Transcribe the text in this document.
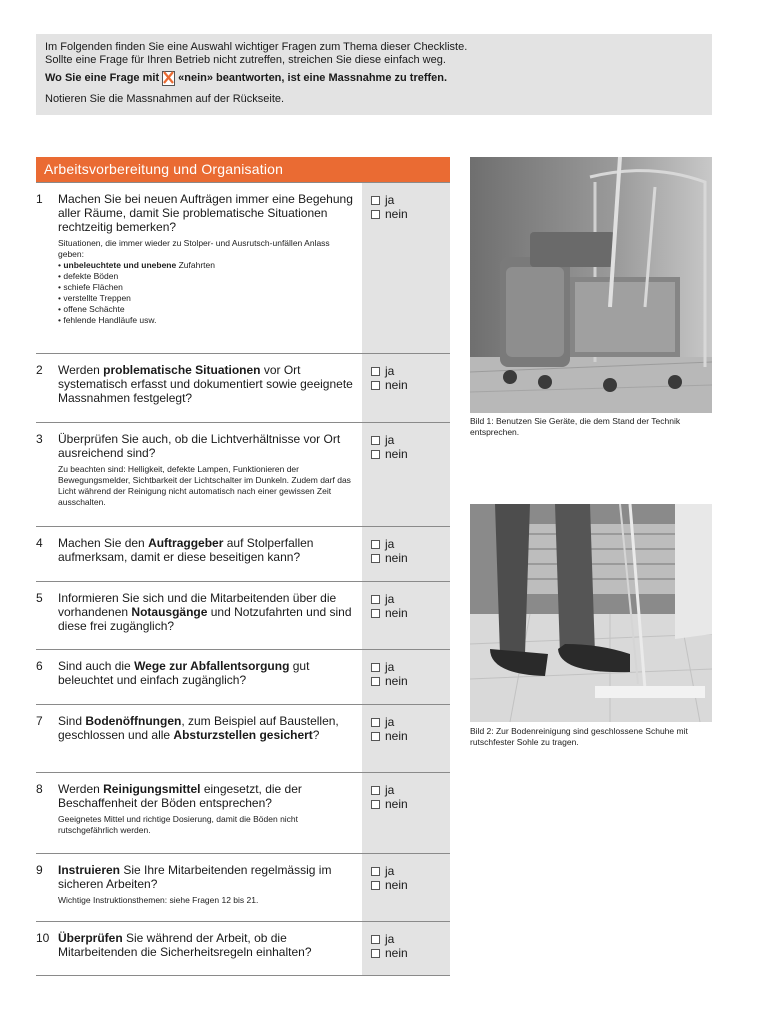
Im Folgenden finden Sie eine Auswahl wichtiger Fragen zum Thema dieser Checkliste.

Sollte eine Frage für Ihren Betrieb nicht zutreffen, streichen Sie diese einfach weg.

Wo Sie eine Frage mit ☒ «nein» beantworten, ist eine Massnahme zu treffen.

Notieren Sie die Massnahmen auf der Rückseite.

Arbeitsvorbereitung und Organisation
1	Machen Sie bei neuen Aufträgen immer eine Begehung aller Räume, damit Sie problematische Situationen rechtzeitig bemerken?

Situationen, die immer wieder zu Stolper- und Ausrutsch-unfällen Anlass geben:
• unbeleuchtete und unebene Zufahrten
• defekte Böden
• schiefe Flächen
• verstellte Treppen
• offene Schächte
• fehlende Handläufe usw.
ja
nein
2	Werden problematische Situationen vor Ort systematisch erfasst und dokumentiert sowie geeignete Massnahmen festgelegt?

ja
nein
3	Überprüfen Sie auch, ob die Lichtverhältnisse vor Ort ausreichend sind?

Zu beachten sind: Helligkeit, defekte Lampen, Funktionieren der Bewegungsmelder, Sichtbarkeit der Lichtschalter im Dunkeln. Zudem darf das Licht während der Reinigung nicht automatisch nach einer gewissen Zeit ausschalten.

ja
nein
4	Machen Sie den Auftraggeber auf Stolperfallen aufmerksam, damit er diese beseitigen kann?

ja
nein
5	Informieren Sie sich und die Mitarbeitenden über die vorhandenen Notausgänge und Notzufahrten und sind diese frei zugänglich?

ja
nein
6	Sind auch die Wege zur Abfallentsorgung gut beleuchtet und einfach zugänglich?

ja
nein
7	Sind Bodenöffnungen, zum Beispiel auf Baustellen, geschlossen und alle Absturzstellen gesichert?

ja
nein
8	Werden Reinigungsmittel eingesetzt, die der Beschaffenheit der Böden entsprechen?

Geeignetes Mittel und richtige Dosierung, damit die Böden nicht rutschgefährlich werden.

ja
nein
9	Instruieren Sie Ihre Mitarbeitenden regelmässig im sicheren Arbeiten?

Wichtige Instruktionsthemen: siehe Fragen 12 bis 21.

ja
nein
10 Überprüfen Sie während der Arbeit, ob die Mitarbeitenden die Sicherheitsregeln einhalten?

ja
nein
Bild 1: Benutzen Sie Geräte, die dem Stand der Technik entsprechen.
Bild 2: Zur Bodenreinigung sind geschlossene Schuhe mit rutschfester Sohle zu tragen.
